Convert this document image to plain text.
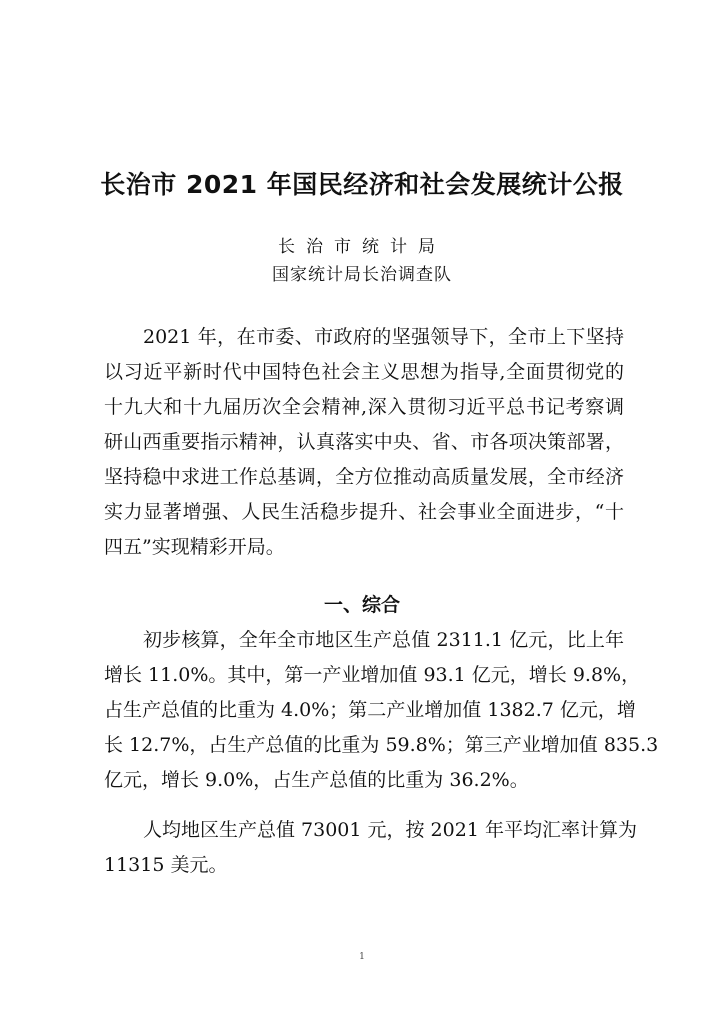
长治市 2021 年国民经济和社会发展统计公报
长治市统计局
国家统计局长治调查队
2021 年，在市委、市政府的坚强领导下，全市上下坚持
以习近平新时代中国特色社会主义思想为指导,全面贯彻党的
十九大和十九届历次全会精神,深入贯彻习近平总书记考察调
研山西重要指示精神，认真落实中央、省、市各项决策部署，
坚持稳中求进工作总基调，全方位推动高质量发展，全市经济
实力显著增强、人民生活稳步提升、社会事业全面进步，“十
四五”实现精彩开局。
一、综合
初步核算，全年全市地区生产总值 2311.1 亿元，比上年
增长 11.0%。其中，第一产业增加值 93.1 亿元，增长 9.8%，
占生产总值的比重为 4.0%；第二产业增加值 1382.7 亿元，增
长 12.7%，占生产总值的比重为 59.8%；第三产业增加值 835.3
亿元，增长 9.0%，占生产总值的比重为 36.2%。
人均地区生产总值 73001 元，按 2021 年平均汇率计算为
11315 美元。
1
